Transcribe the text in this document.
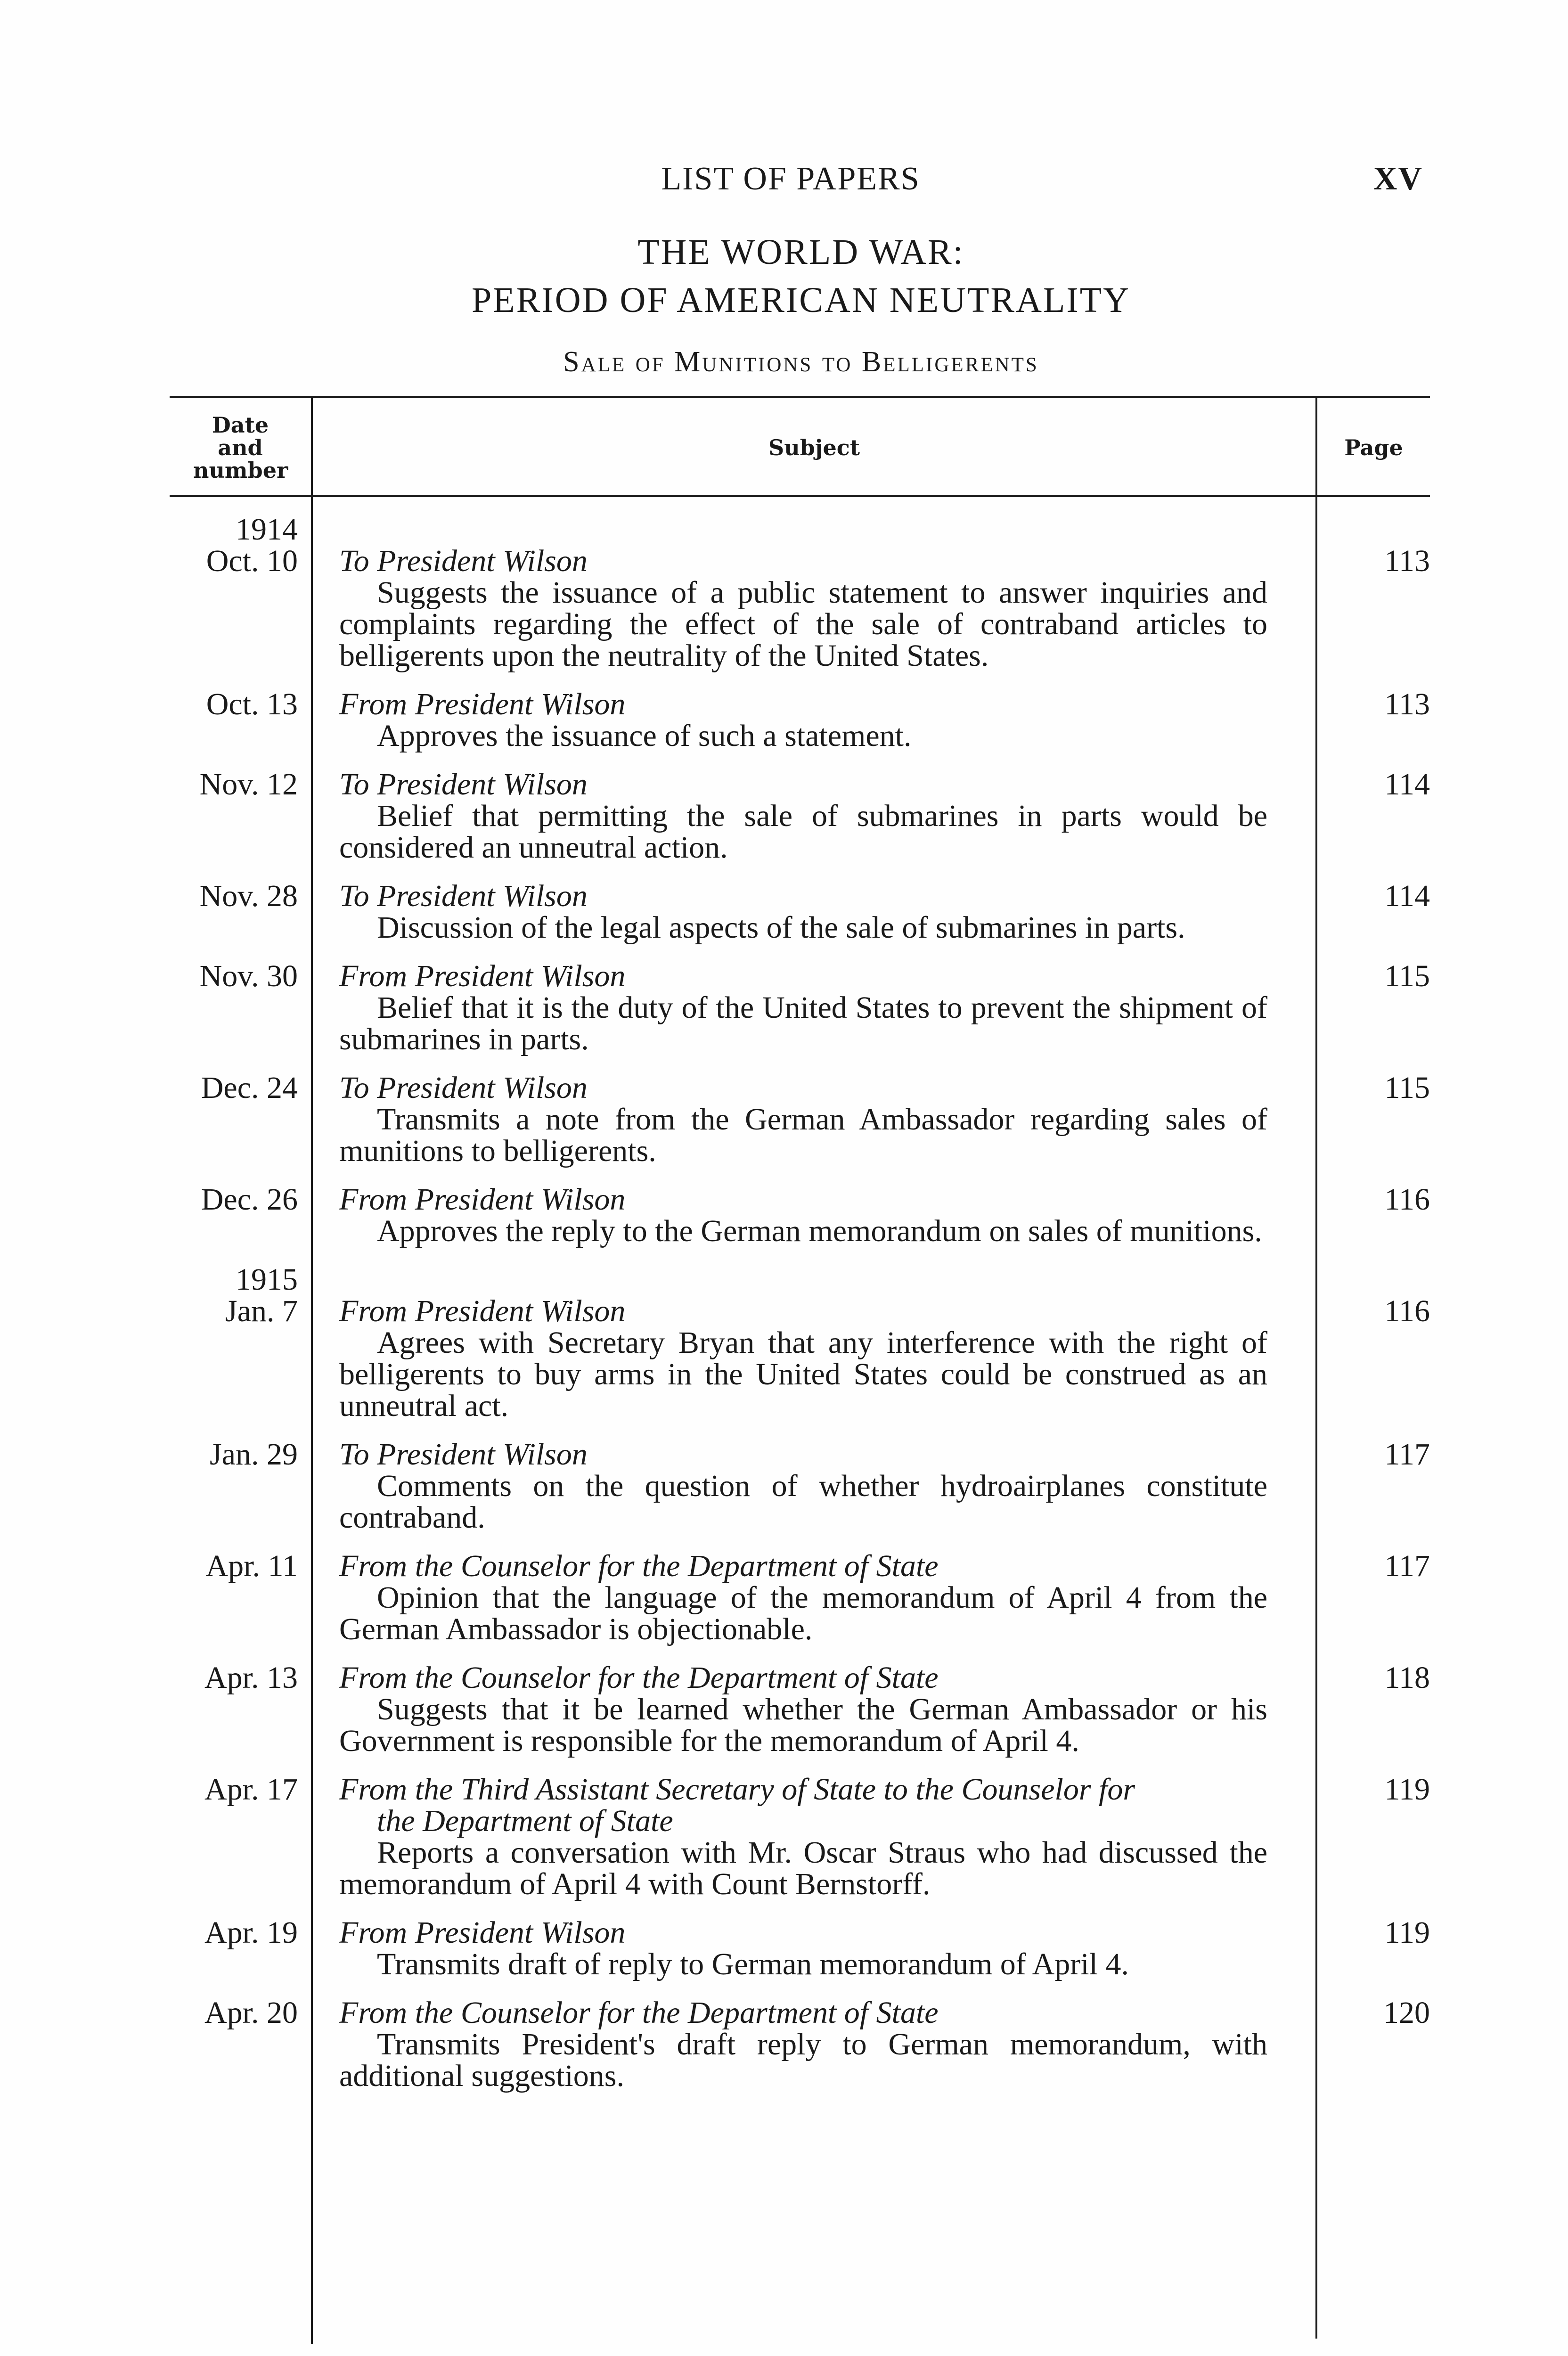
LIST OF PAPERS	XV
THE WORLD WAR:
PERIOD OF AMERICAN NEUTRALITY
Sale of Munitions to Belligerents
Date and number
Subject	Page
1914
Oct. 10 To President Wilson
Suggests the issuance of a public statement to answer inquiries and complaints regarding the effect of the sale of contraband articles to belligerents upon the neutrality of the United States.
113
Oct. 13 From President Wilson
Approves the issuance of such a statement.
113
Nov. 12 To President Wilson
Belief that permitting the sale of submarines in parts would be considered an unneutral action.
114
Nov. 28 To President Wilson
Discussion of the legal aspects of the sale of submarines in parts.
114
Nov. 30 From President Wilson
Belief that it is the duty of the United States to prevent the shipment of submarines in parts.
115
Dec. 24 To President Wilson
Transmits a note from the German Ambassador regarding sales of munitions to belligerents.
115
Dec. 26 From President Wilson
Approves the reply to the German memorandum on sales of munitions.
116
1915
Jan. 7 From President Wilson
Agrees with Secretary Bryan that any interference with the right of belligerents to buy arms in the United States could be construed as an unneutral act.
116
Jan. 29 To President Wilson
Comments on the question of whether hydroairplanes constitute contraband.
117
Apr. 11 From the Counselor for the Department of State
Opinion that the language of the memorandum of April 4 from the German Ambassador is objectionable.
117
Apr. 13 From the Counselor for the Department of State
Suggests that it be learned whether the German Ambassador or his Government is responsible for the memorandum of April 4.
118
Apr. 17 From the Third Assistant Secretary of State to the Counselor for
the Department of State
Reports a conversation with Mr. Oscar Straus who had discussed the memorandum of April 4 with Count Bernstorff.
119
Apr. 19 From President Wilson
Transmits draft of reply to German memorandum of April 4.
119
Apr. 20 From the Counselor for the Department of State
Transmits President's draft reply to German memorandum, with additional suggestions.
120
